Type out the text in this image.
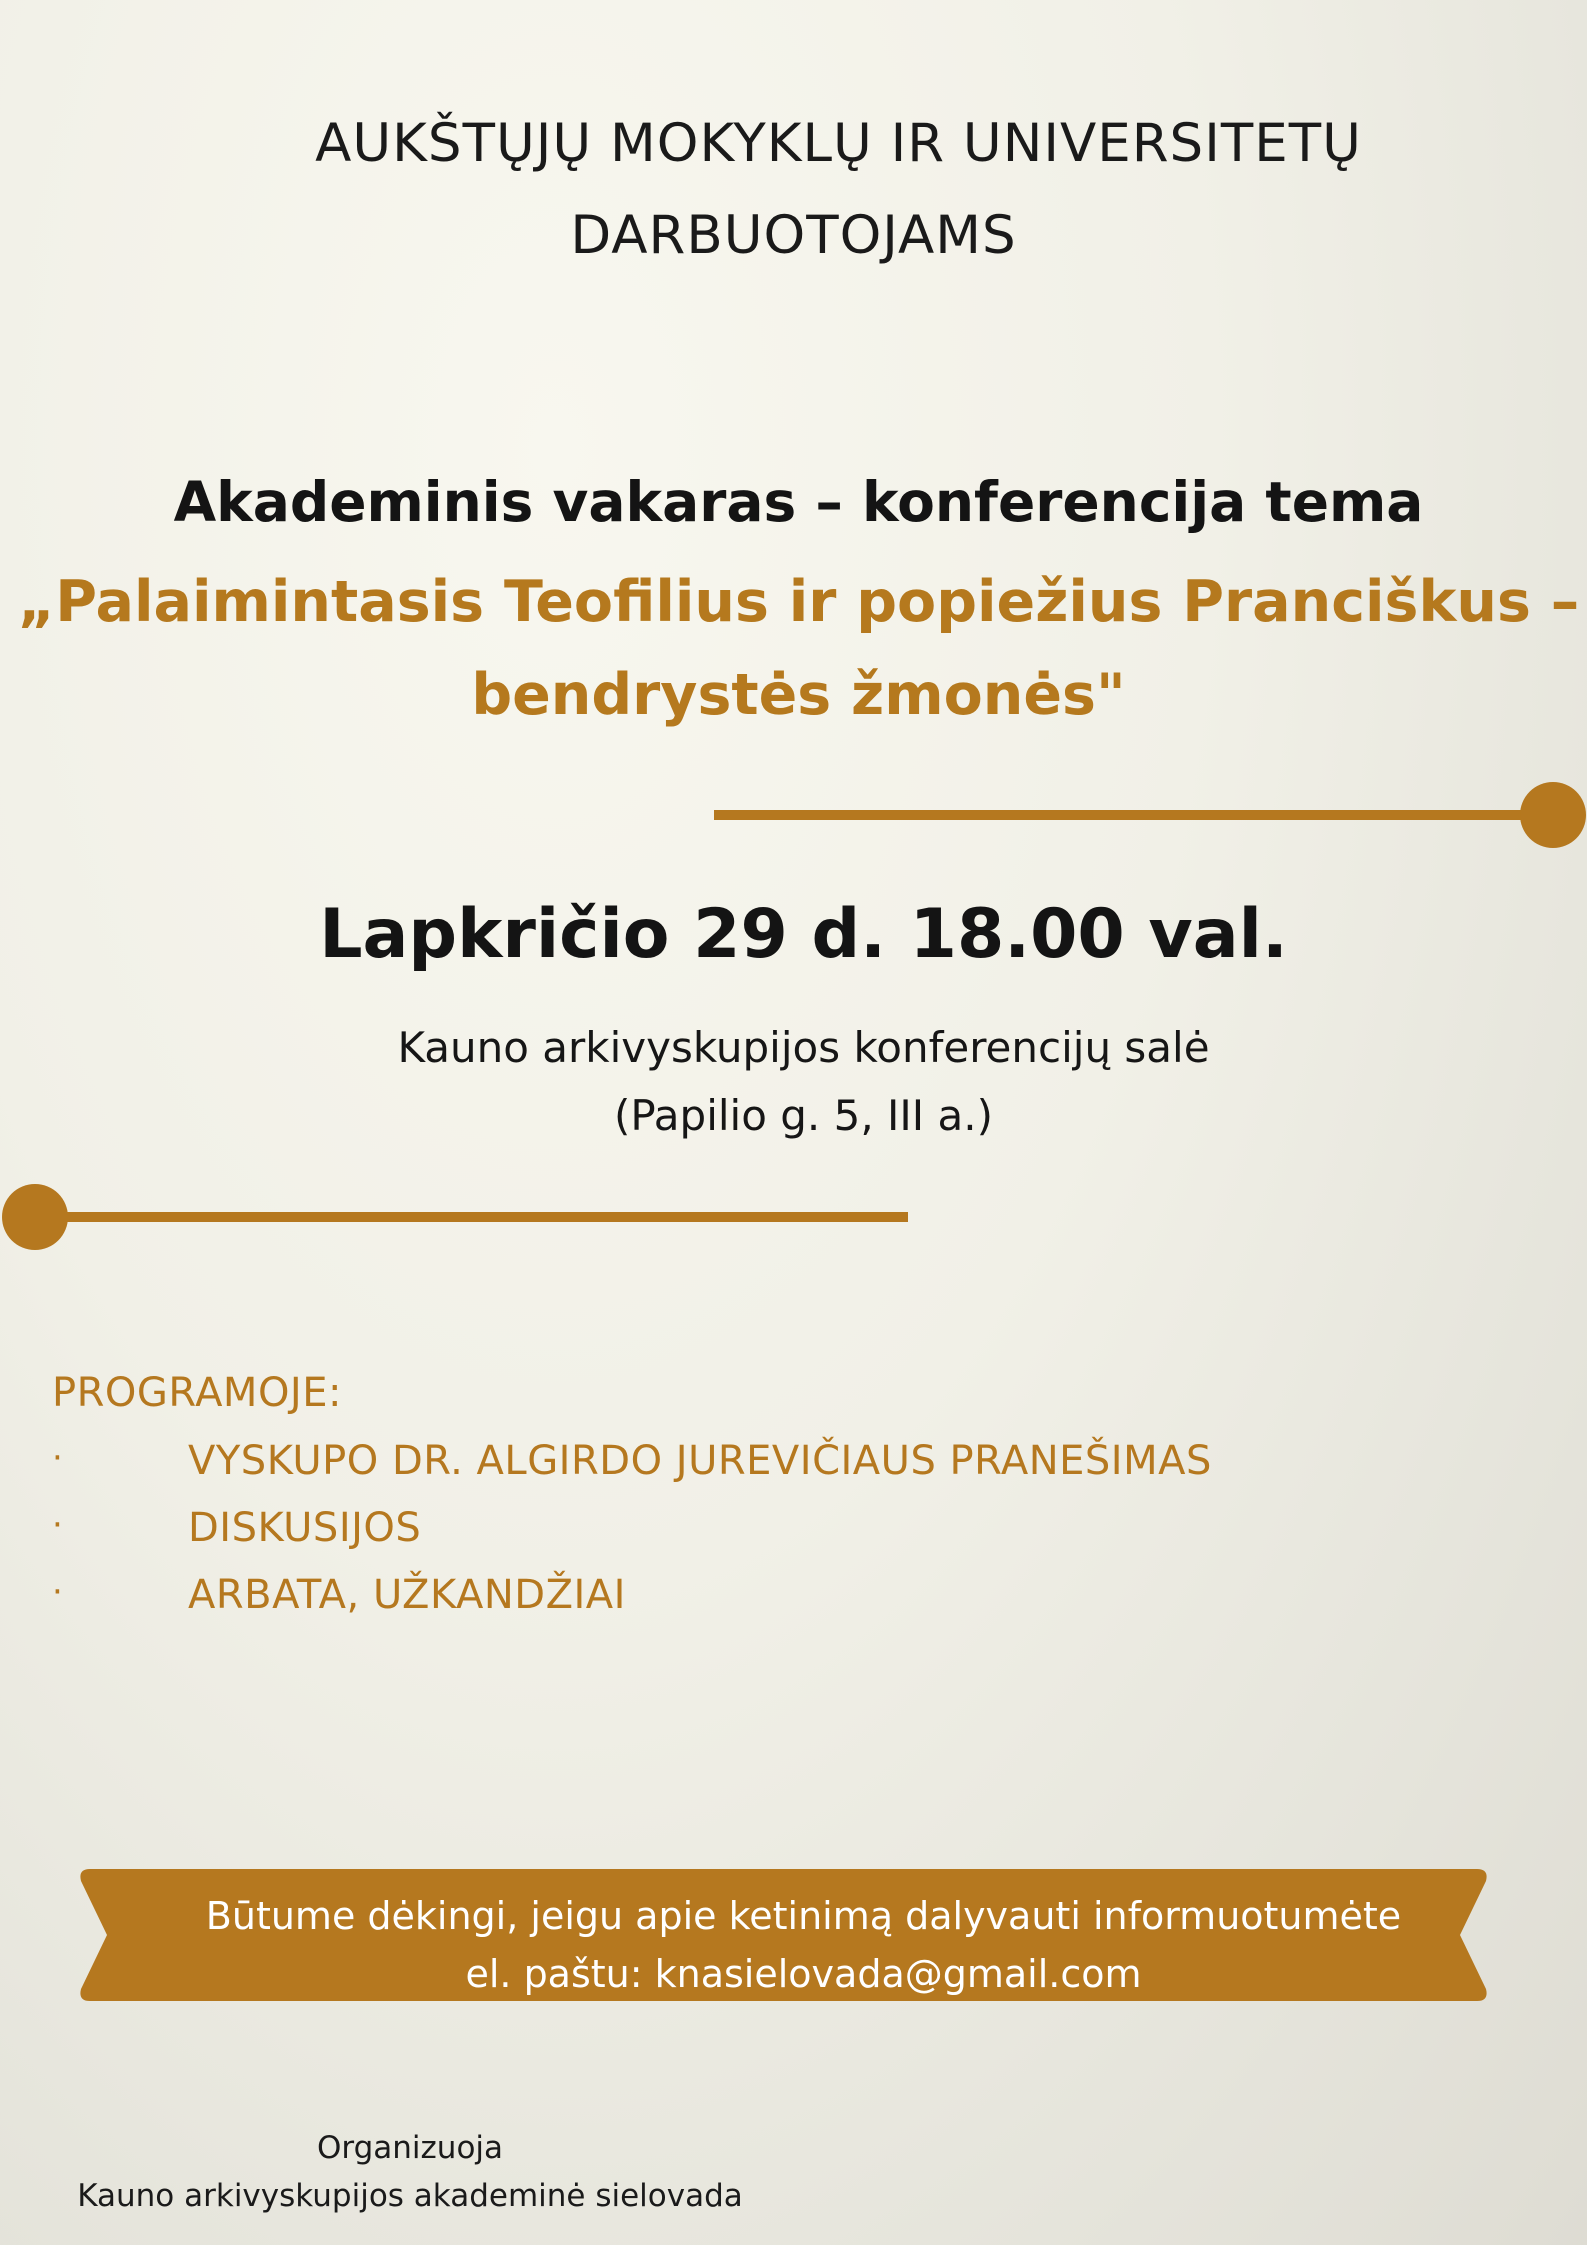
AUKŠTŲJŲ MOKYKLŲ IR UNIVERSITETŲ
DARBUOTOJAMS
Akademinis vakaras – konferencija tema
„Palaimintasis Teofilius ir popiežius Pranciškus –
bendrystės žmonės"
Lapkričio 29 d. 18.00 val.
Kauno arkivyskupijos konferencijų salė
(Papilio g. 5, III a.)
PROGRAMOJE:
·	VYSKUPO DR. ALGIRDO JUREVIČIAUS PRANEŠIMAS
·	DISKUSIJOS
·	ARBATA, UŽKANDŽIAI
Būtume dėkingi, jeigu apie ketinimą dalyvauti informuotumėte
el. paštu: knasielovada@gmail.com
Organizuoja
Kauno arkivyskupijos akademinė sielovada
